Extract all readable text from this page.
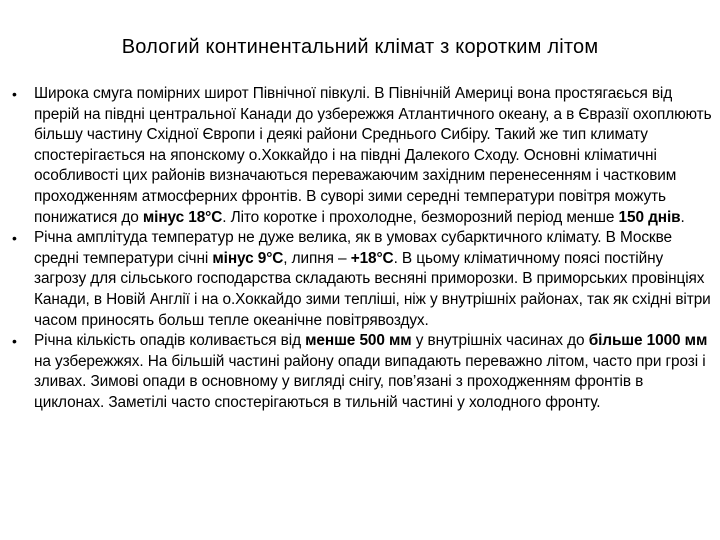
Вологий континентальний клімат з коротким літом
•	Широка смуга помірних широт Північної півкулі. В Північній Америці вона простягаєься від прерій на півдні центральної Канади до узбережжя Атлантичного океану, а в Євразії охоплюють більшу частину Східної Європи і деякі райони Среднього Сибіру. Такий же тип климату спостерігається на японскому о.Хоккайдо і на півдні Далекого Сходу. Основні кліматичні особливості цих районів визначаються переважаючим західним перенесенням і частковим проходженням атмосферних фронтів. В суворі зими середні температури повітря можуть понижатися до мінус 18°С. Літо коротке і прохолодне, безморозний період менше 150 днів.
•	Річна амплітуда температур не дуже велика, як в умовах субарктичного клімату. В Москве средні температури січні мінус 9°С, липня – +18°С. В цьому кліматичному поясі постійну загрозу для сільського господарства складають весняні приморозки. В приморських провінціях Канади, в Новій Англії і на о.Хоккайдо зими тепліші, ніж у внутрішніх районах, так як східні вітри часом приносять больш тепле океанічне повітрявоздух.
•	Річна кількість опадів коливається від менше 500 мм у внутрішніх часинах до більше 1000 мм на узбережжях. На більшій частині району опади випадають переважно літом, часто при грозі і зливах. Зимові опади в основному у вигляді снігу, пов’язані з проходженням фронтів в циклонах. Заметілі часто спостерігаються в тильній частині у холодного фронту.
